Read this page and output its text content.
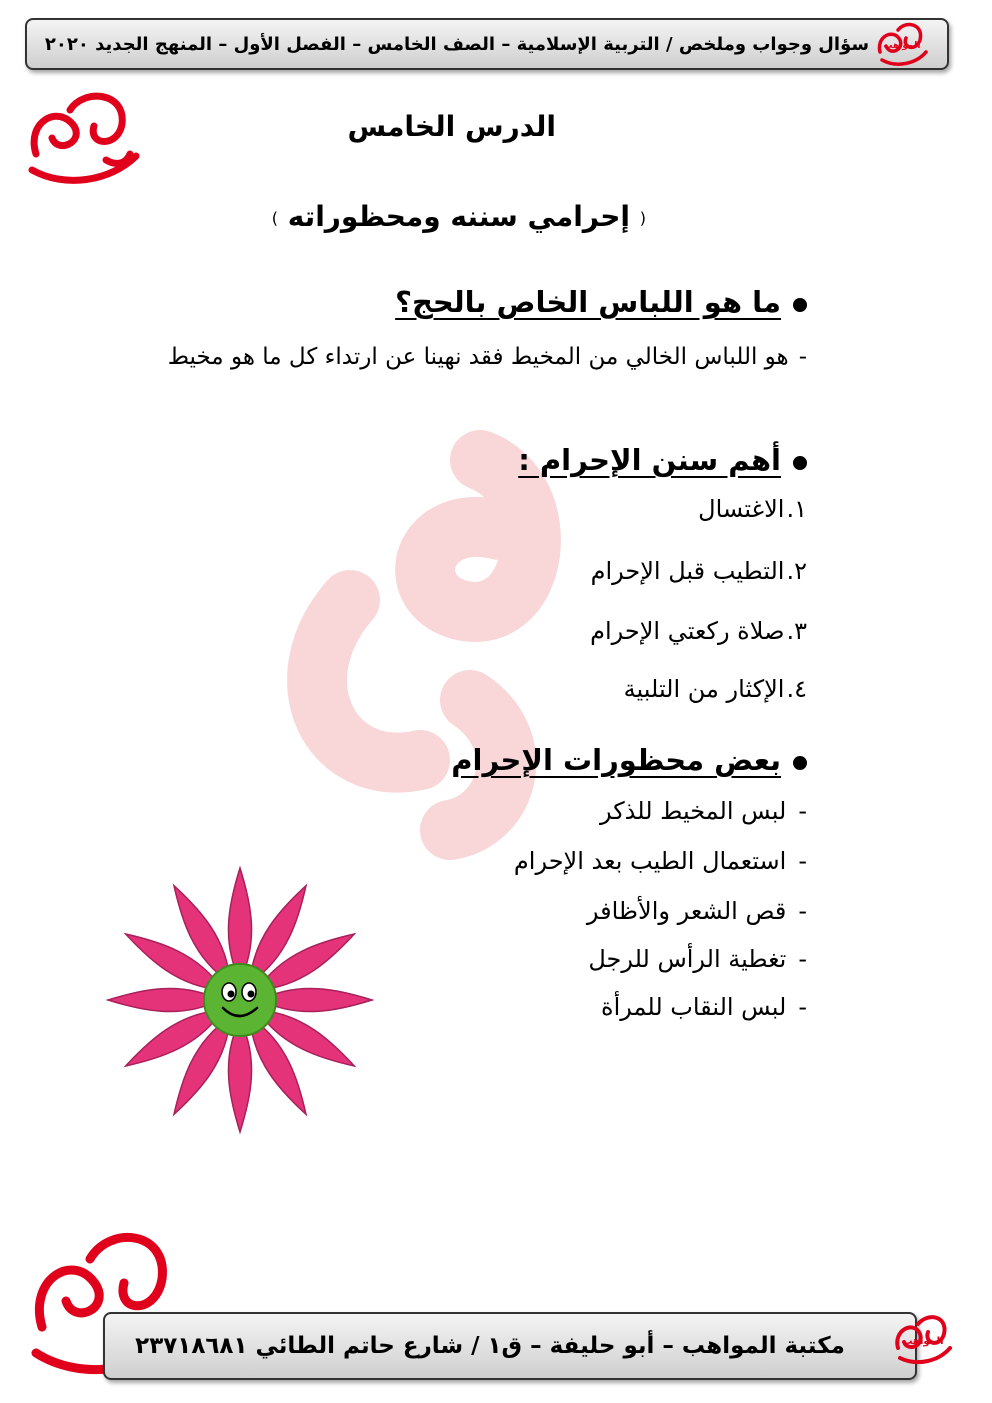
سؤال وجواب وملخص / التربية الإسلامية – الصف الخامس – الفصل الأول – المنهج الجديد ٢٠٢٠ المواهب
الدرس الخامس
( إحرامي سننه ومحظوراته )
ما هو اللباس الخاص بالحج؟
-هو اللباس الخالي من المخيط فقد نهينا عن ارتداء كل ما هو مخيط
أهم سنن الإحرام :
١.الاغتسال
٢.التطيب قبل الإحرام
٣.صلاة ركعتي الإحرام
٤.الإكثار من التلبية
بعض محظورات الإحرام
-لبس المخيط للذكر
-استعمال الطيب بعد الإحرام
-قص الشعر والأظافر
-تغطية الرأس للرجل
-لبس النقاب للمرأة
مكتبة المواهب – أبو حليفة – ق١ / شارع حاتم الطائي ٢٣٧١٨٦٨١	المواهب
